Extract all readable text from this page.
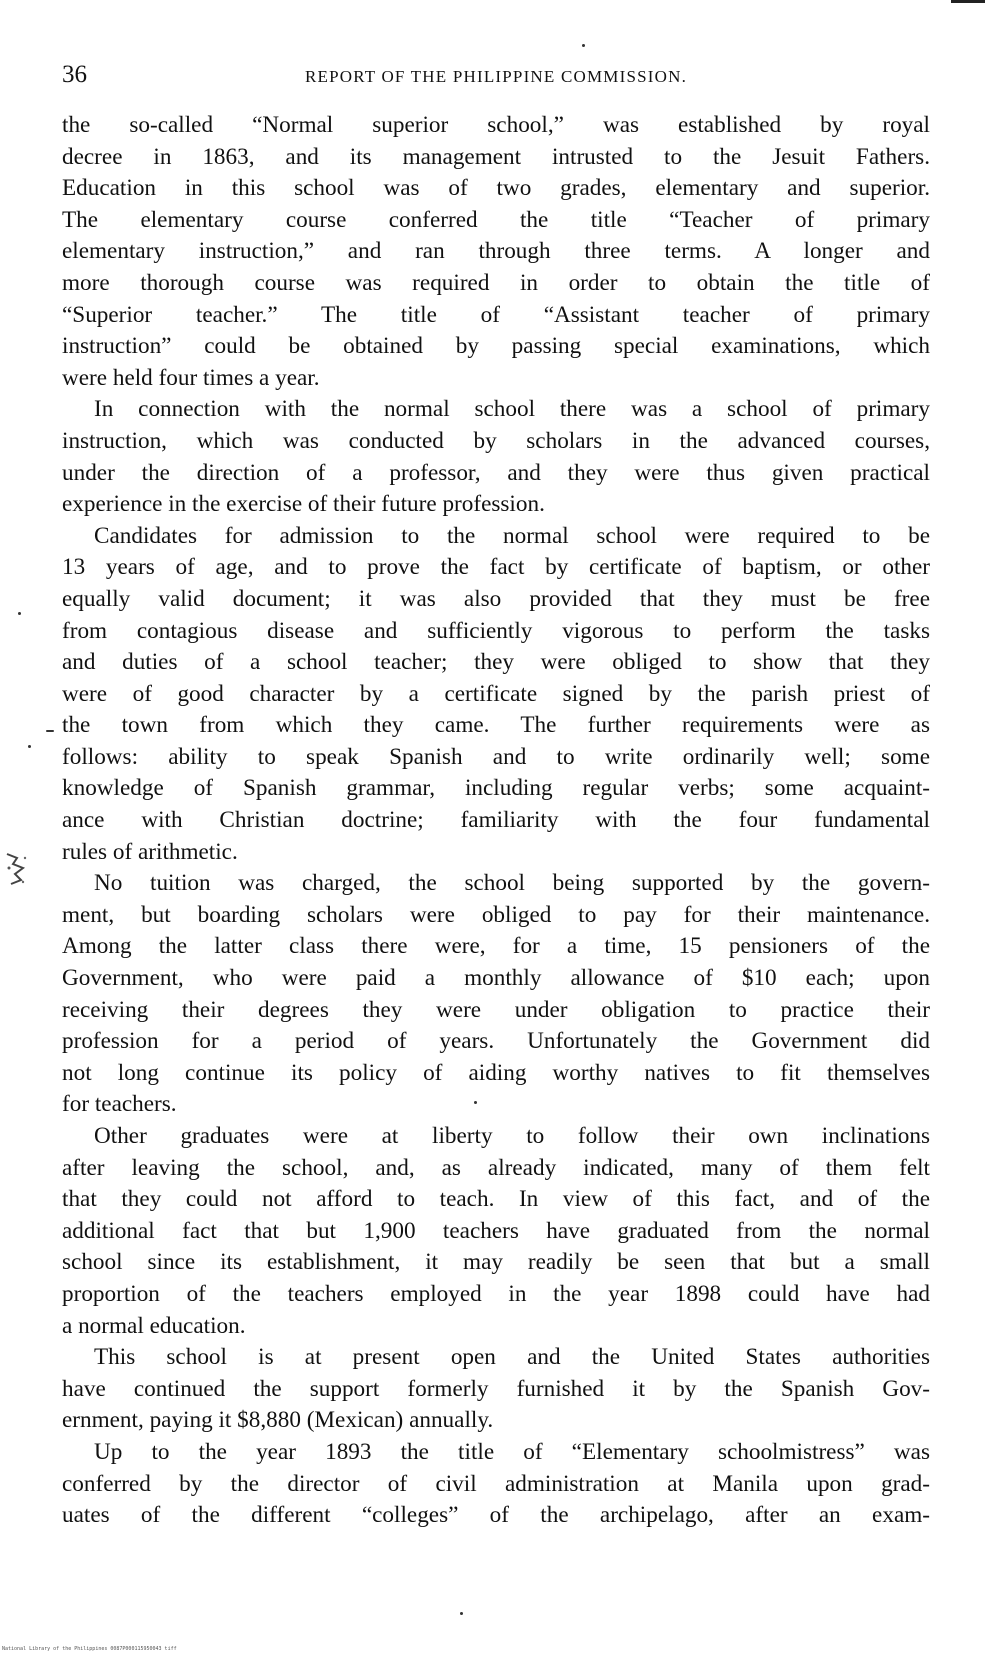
36	REPORT OF THE PHILIPPINE COMMISSION.
the so-called “Normal superior school,” was established by royal
decree in 1863, and its management intrusted to the Jesuit Fathers.
Education in this school was of two grades, elementary and superior.
The elementary course conferred the title “Teacher of primary
elementary instruction,” and ran through three terms. A longer and
more thorough course was required in order to obtain the title of
“Superior teacher.” The title of “Assistant teacher of primary
instruction” could be obtained by passing special examinations, which
were held four times a year.
In connection with the normal school there was a school of primary
instruction, which was conducted by scholars in the advanced courses,
under the direction of a professor, and they were thus given practical
experience in the exercise of their future profession.
Candidates for admission to the normal school were required to be
13 years of age, and to prove the fact by certificate of baptism, or other
equally valid document; it was also provided that they must be free
from contagious disease and sufficiently vigorous to perform the tasks
and duties of a school teacher; they were obliged to show that they
were of good character by a certificate signed by the parish priest of
the town from which they came. The further requirements were as
follows: ability to speak Spanish and to write ordinarily well; some
knowledge of Spanish grammar, including regular verbs; some acquaint-
ance with Christian doctrine; familiarity with the four fundamental
rules of arithmetic.
No tuition was charged, the school being supported by the govern-
ment, but boarding scholars were obliged to pay for their maintenance.
Among the latter class there were, for a time, 15 pensioners of the
Government, who were paid a monthly allowance of $10 each; upon
receiving their degrees they were under obligation to practice their
profession for a period of years. Unfortunately the Government did
not long continue its policy of aiding worthy natives to fit themselves
for teachers.
Other graduates were at liberty to follow their own inclinations
after leaving the school, and, as already indicated, many of them felt
that they could not afford to teach. In view of this fact, and of the
additional fact that but 1,900 teachers have graduated from the normal
school since its establishment, it may readily be seen that but a small
proportion of the teachers employed in the year 1898 could have had
a normal education.
This school is at present open and the United States authorities
have continued the support formerly furnished it by the Spanish Gov-
ernment, paying it $8,880 (Mexican) annually.
Up to the year 1893 the title of “Elementary schoolmistress” was
conferred by the director of civil administration at Manila upon grad-
uates of the different “colleges” of the archipelago, after an exam-
National Library of the Philippines 0087P000115950043 tiff
